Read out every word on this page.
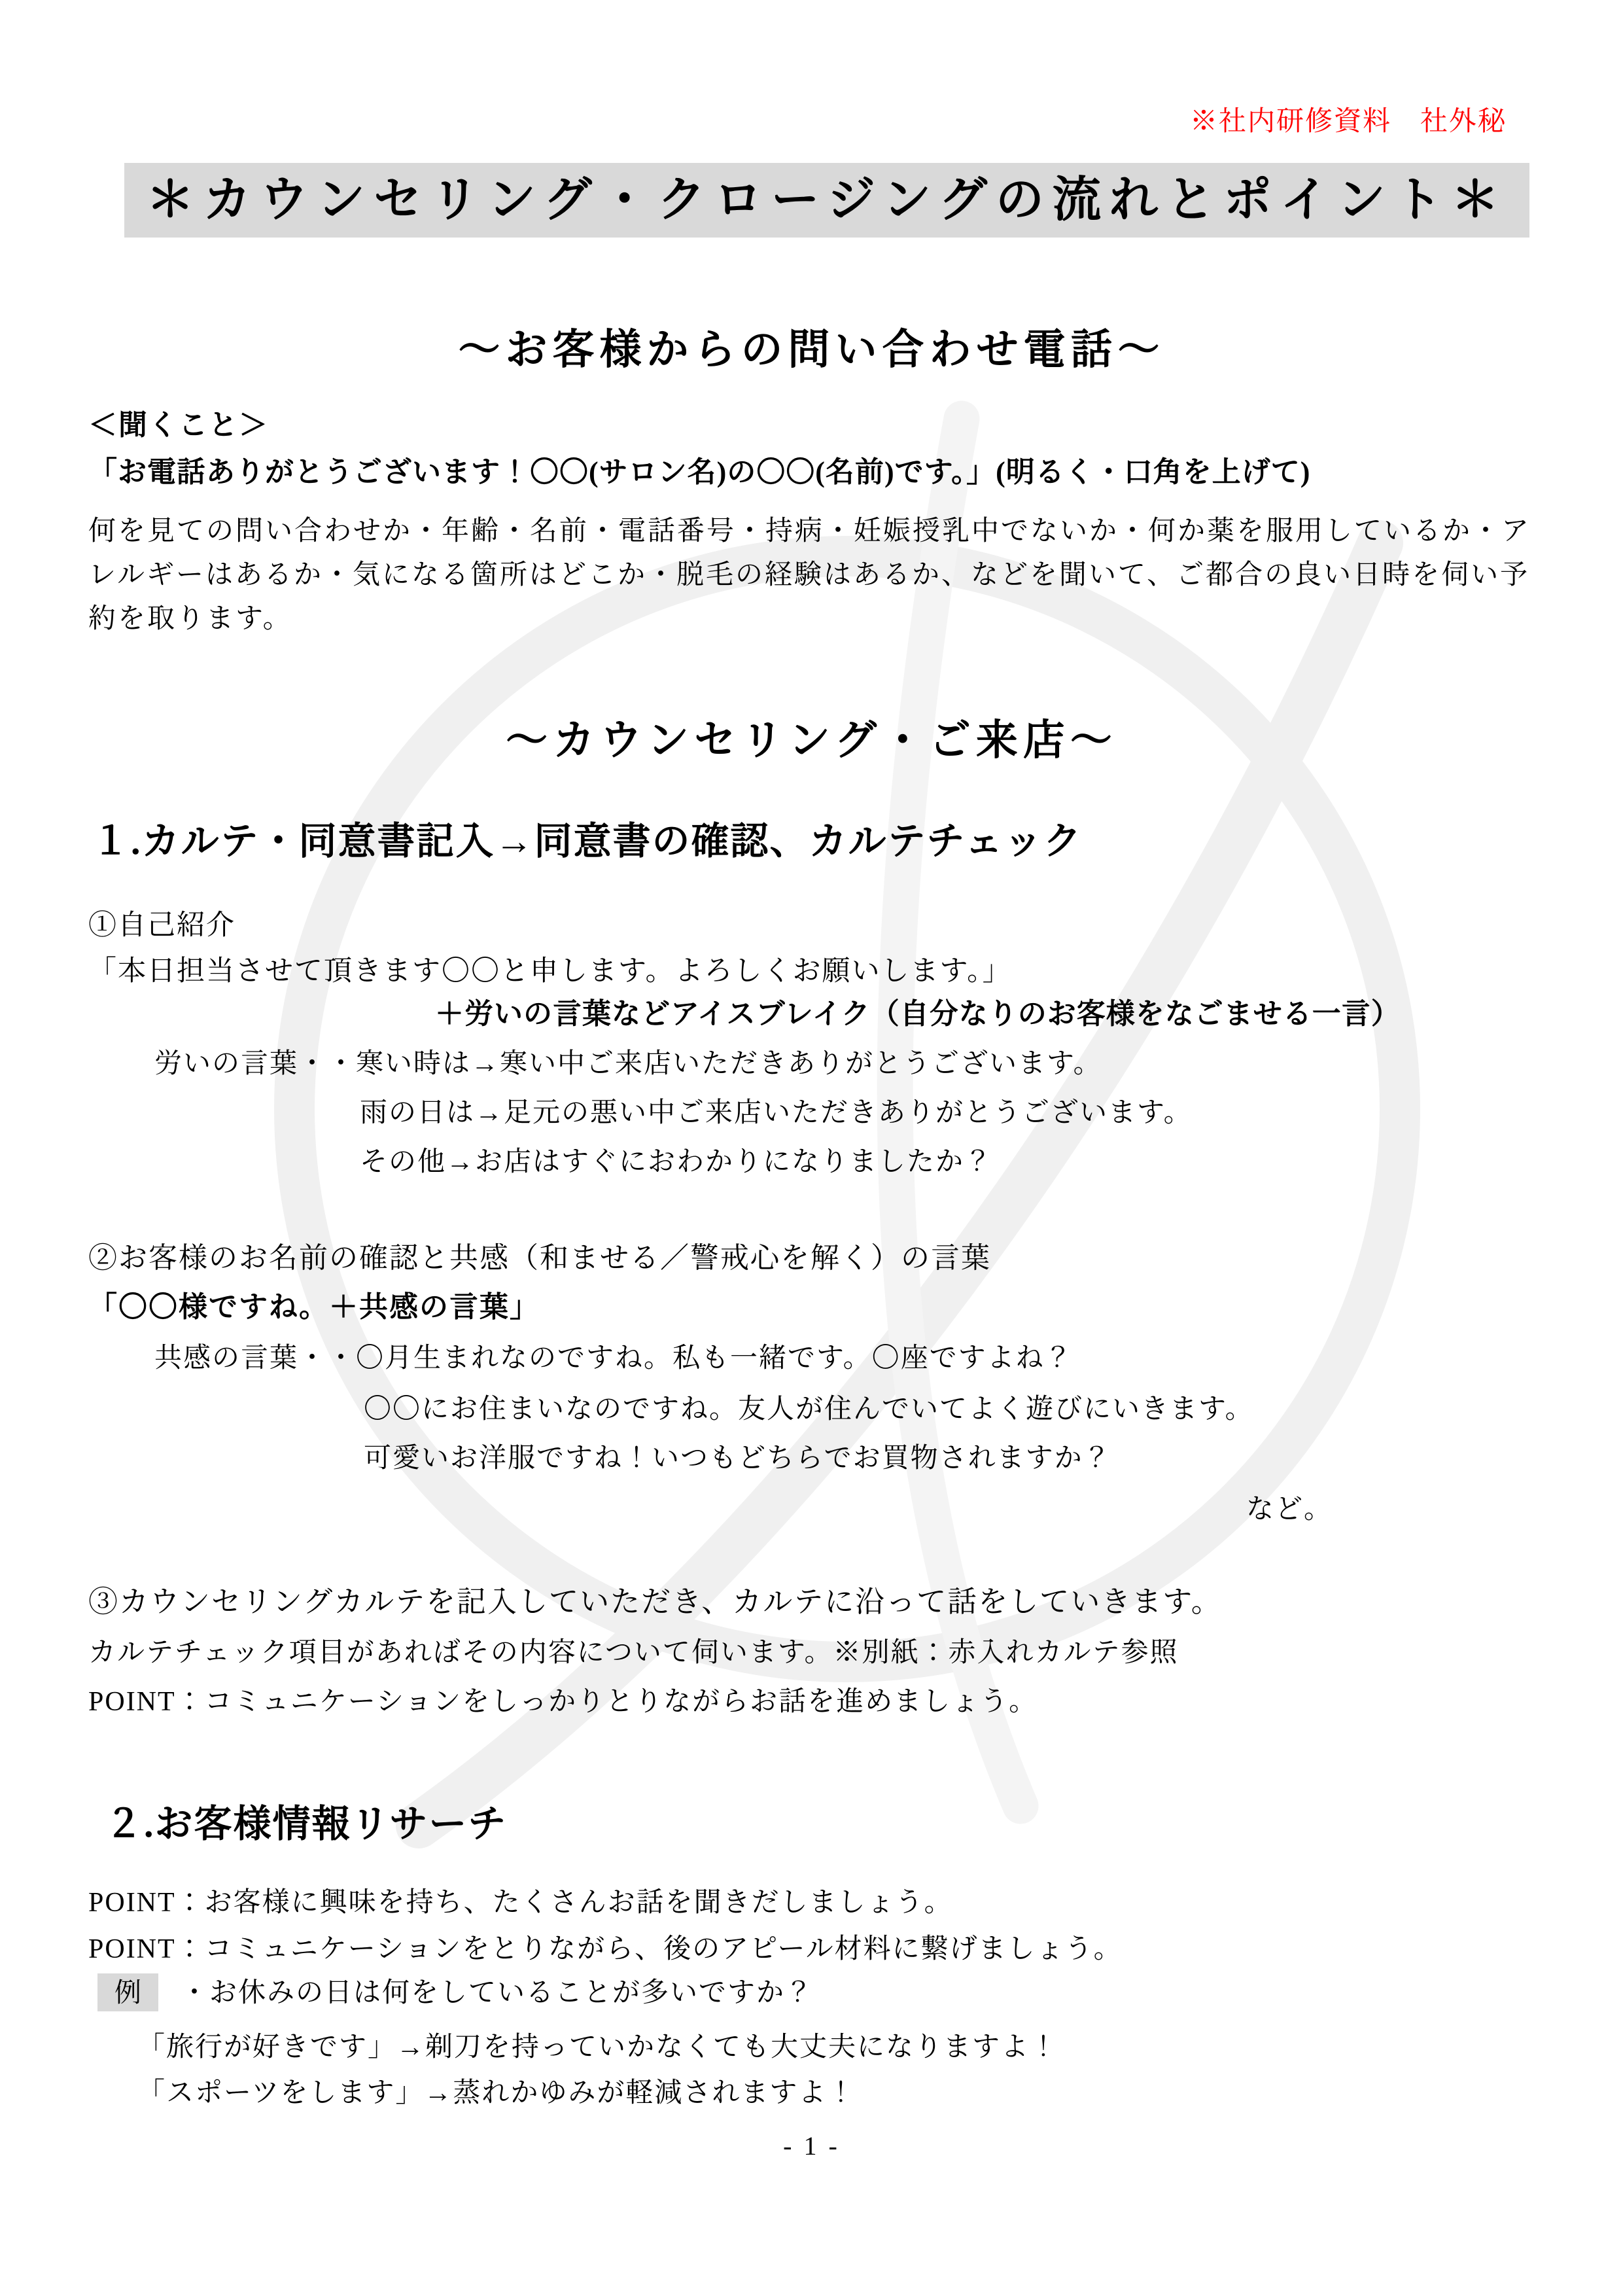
※社内研修資料　社外秘
＊カウンセリング・クロージングの流れとポイント＊
～お客様からの問い合わせ電話～
＜聞くこと＞
「お電話ありがとうございます！〇〇(サロン名)の〇〇(名前)です。」(明るく・口角を上げて)
何を見ての問い合わせか・年齢・名前・電話番号・持病・妊娠授乳中でないか・何か薬を服用しているか・ア
レルギーはあるか・気になる箇所はどこか・脱毛の経験はあるか、などを聞いて、ご都合の良い日時を伺い予
約を取ります。
～カウンセリング・ご来店～
１.カルテ・同意書記入→同意書の確認、カルテチェック
①自己紹介
「本日担当させて頂きます〇〇と申します。よろしくお願いします。」
＋労いの言葉などアイスブレイク（自分なりのお客様をなごませる一言）
労いの言葉・・寒い時は→寒い中ご来店いただきありがとうございます。
雨の日は→足元の悪い中ご来店いただきありがとうございます。
その他→お店はすぐにおわかりになりましたか？
②お客様のお名前の確認と共感（和ませる／警戒心を解く）の言葉
「〇〇様ですね。＋共感の言葉」
共感の言葉・・〇月生まれなのですね。私も一緒です。〇座ですよね？
〇〇にお住まいなのですね。友人が住んでいてよく遊びにいきます。
可愛いお洋服ですね！いつもどちらでお買物されますか？
など。
③カウンセリングカルテを記入していただき、カルテに沿って話をしていきます。
カルテチェック項目があればその内容について伺います。※別紙：赤入れカルテ参照
POINT：コミュニケーションをしっかりとりながらお話を進めましょう。
２.お客様情報リサーチ
POINT：お客様に興味を持ち、たくさんお話を聞きだしましょう。
POINT：コミュニケーションをとりながら、後のアピール材料に繋げましょう。
例	・お休みの日は何をしていることが多いですか？
「旅行が好きです」→剃刀を持っていかなくても大丈夫になりますよ！
「スポーツをします」→蒸れかゆみが軽減されますよ！
- 1 -
